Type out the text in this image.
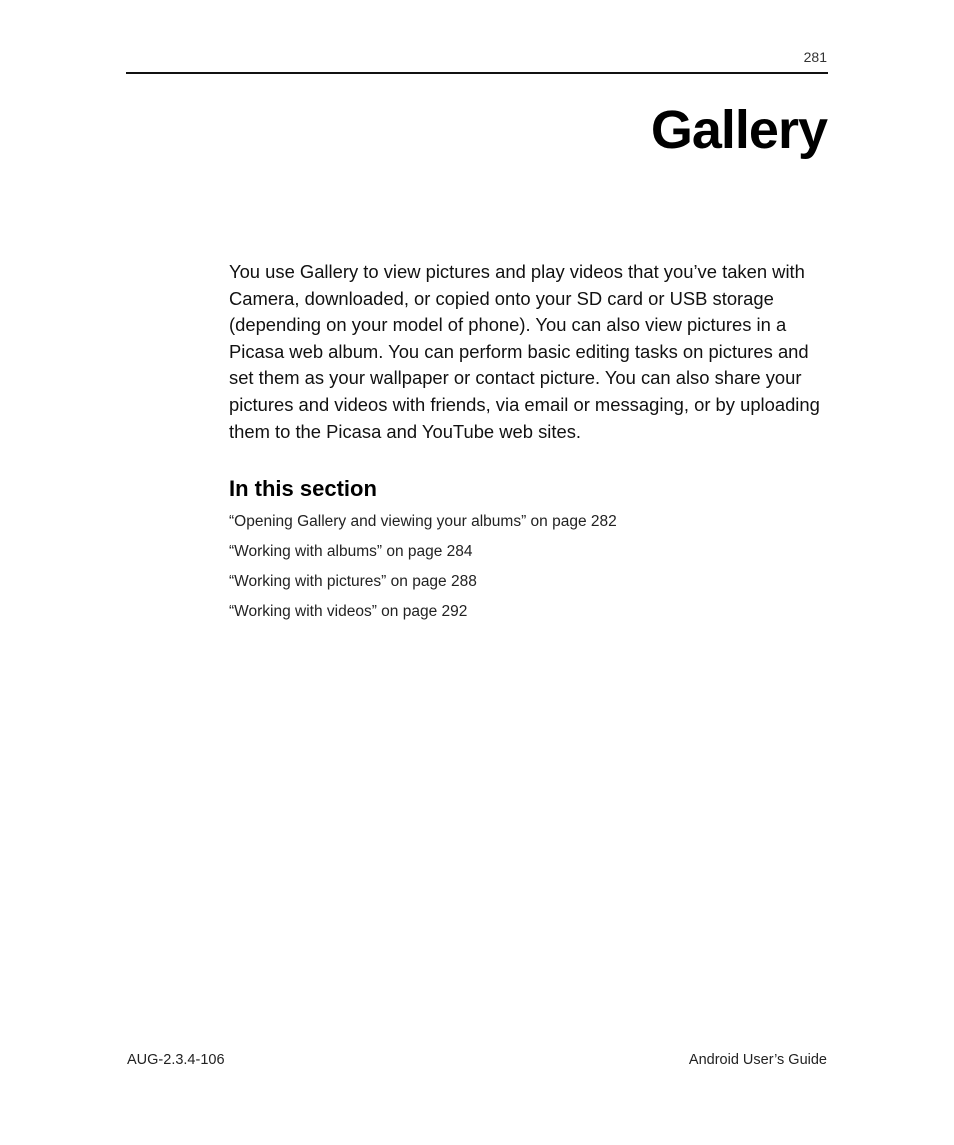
281
Gallery

You use Gallery to view pictures and play videos that you’ve taken with Camera, downloaded, or copied onto your SD card or USB storage (depending on your model of phone). You can also view pictures in a Picasa web album. You can perform basic editing tasks on pictures and set them as your wallpaper or contact picture. You can also share your pictures and videos with friends, via email or messaging, or by uploading them to the Picasa and YouTube web sites.

In this section
“Opening Gallery and viewing your albums” on page 282
“Working with albums” on page 284
“Working with pictures” on page 288
“Working with videos” on page 292
AUG-2.3.4-106	Android User’s Guide
